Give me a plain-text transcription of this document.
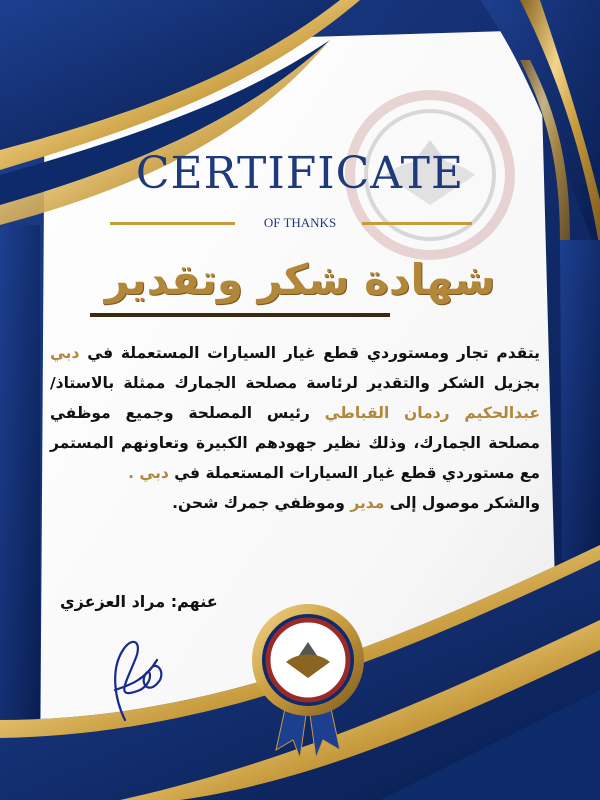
CERTIFICATE
OF THANKS
شهادة شكر وتقدير
يتقدم تجار ومستوردي قطع غيار السيارات المستعملة في دبي بجزيل الشكر والتقدير لرئاسة مصلحة الجمارك ممثلة بالاستاذ/عبدالحكيم ردمان القباطي رئيس المصلحة وجميع موظفي مصلحة الجمارك، وذلك نظير جهودهم الكبيرة وتعاونهم المستمر مع مستوردي قطع غيار السيارات المستعملة في دبي .
والشكر موصول إلى مدير وموظفي جمرك شحن.
عنهم: مراد العزعزي
